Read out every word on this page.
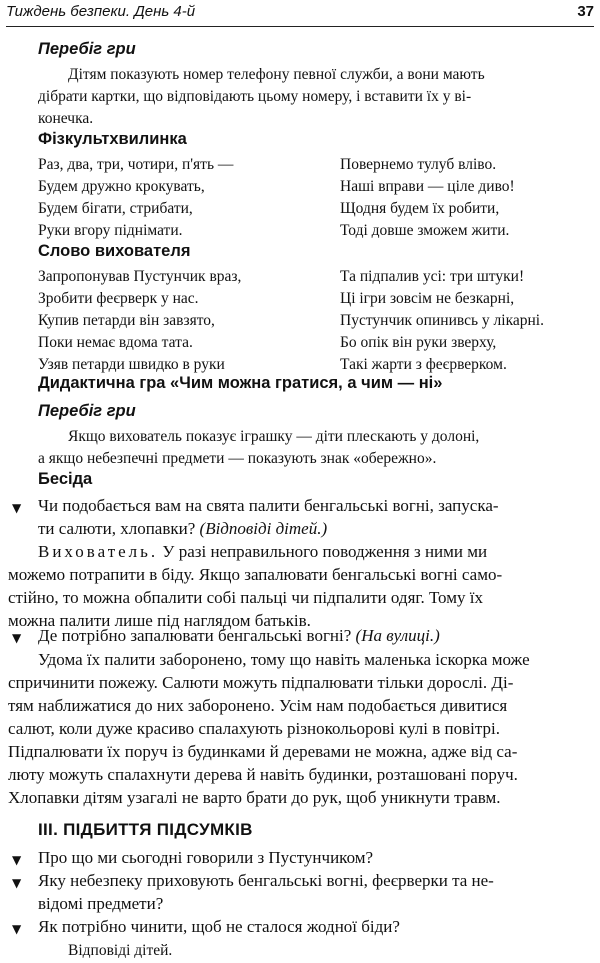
Тиждень безпеки. День 4-й	37
Перебіг гри
Дітям показують номер телефону певної служби, а вони мають
дібрати картки, що відповідають цьому номеру, і вставити їх у ві-
конечка.
Фізкультхвилинка
Раз, два, три, чотири, п'ять —
Будем дружно крокувать,
Будем бігати, стрибати,
Руки вгору піднімати.
Повернемо тулуб вліво.
Наші вправи — ціле диво!
Щодня будем їх робити,
Тоді довше зможем жити.
Слово вихователя
Запропонував Пустунчик враз,
Зробити феєрверк у нас.
Купив петарди він завзято,
Поки немає вдома тата.
Узяв петарди швидко в руки
Та підпалив усі: три штуки!
Ці ігри зовсім не безкарні,
Пустунчик опинивсь у лікарні.
Бо опік він руки зверху,
Такі жарти з феєрверком.
Дидактична гра «Чим можна гратися, а чим — ні»
Перебіг гри
Якщо вихователь показує іграшку — діти плескають у долоні,
а якщо небезпечні предмети — показують знак «обережно».
Бесіда
▼ Чи подобається вам на свята палити бенгальські вогні, запуска-
ти салюти, хлопавки? (Відповіді дітей.)
Вихователь. У разі неправильного поводження з ними ми
можемо потрапити в біду. Якщо запалювати бенгальські вогні само-
стійно, то можна обпалити собі пальці чи підпалити одяг. Тому їх
можна палити лише під наглядом батьків.
▼ Де потрібно запалювати бенгальські вогні? (На вулиці.)
Удома їх палити заборонено, тому що навіть маленька іскорка може
спричинити пожежу. Салюти можуть підпалювати тільки дорослі. Ді-
тям наближатися до них заборонено. Усім нам подобається дивитися
салют, коли дуже красиво спалахують різнокольорові кулі в повітрі.
Підпалювати їх поруч із будинками й деревами не можна, адже від са-
люту можуть спалахнути дерева й навіть будинки, розташовані поруч.
Хлопавки дітям узагалі не варто брати до рук, щоб уникнути травм.
III. ПІДБИТТЯ ПІДСУМКІВ
▼ Про що ми сьогодні говорили з Пустунчиком?
▼ Яку небезпеку приховують бенгальські вогні, феєрверки та не-
відомі предмети?
▼ Як потрібно чинити, щоб не сталося жодної біди?
Відповіді дітей.
